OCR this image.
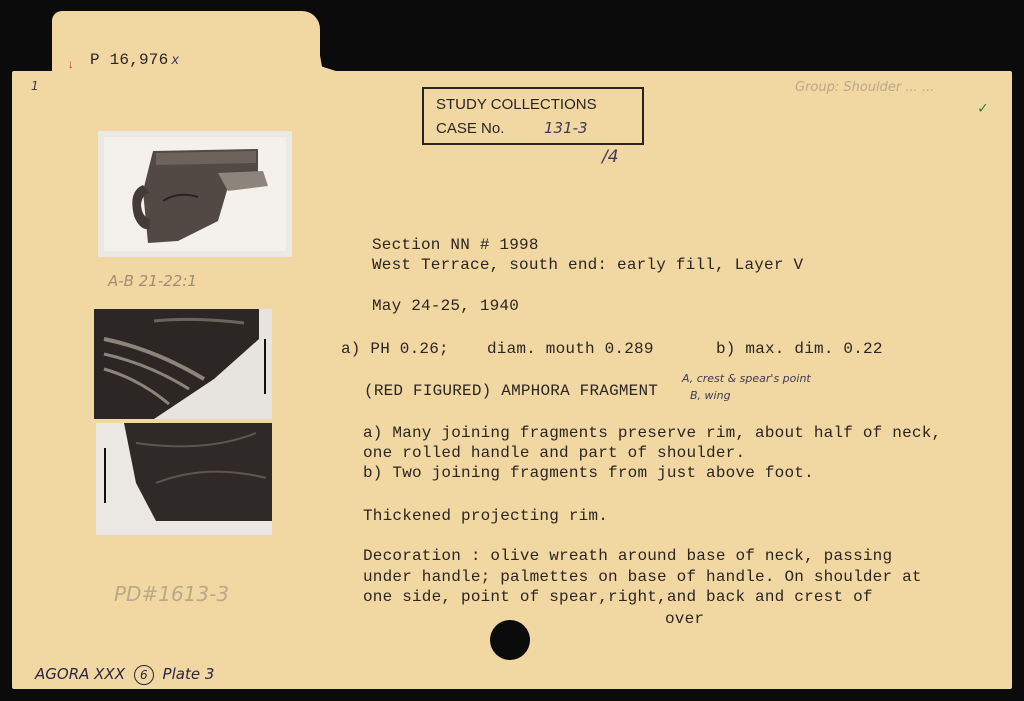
P 16,976 x
↓
1
STUDY COLLECTIONS
CASE No.	131-3
/4
Group: Shoulder ... ...
✓
A-B 21-22:1
PD#1613-3
AGORA XXX 6 Plate 3
Section NN # 1998
West Terrace, south end: early fill, Layer V
May 24-25, 1940
a) PH 0.26; diam. mouth 0.289	b) max. dim. 0.22
(RED FIGURED) AMPHORA FRAGMENT
A, crest & spear's point
B, wing
a) Many joining fragments preserve rim, about half of neck,
one rolled handle and part of shoulder.
b) Two joining fragments from just above foot.
Thickened projecting rim.
Decoration : olive wreath around base of neck, passing
under handle; palmettes on base of handle. On shoulder at
one side, point of spear,right,and back and crest of
over
